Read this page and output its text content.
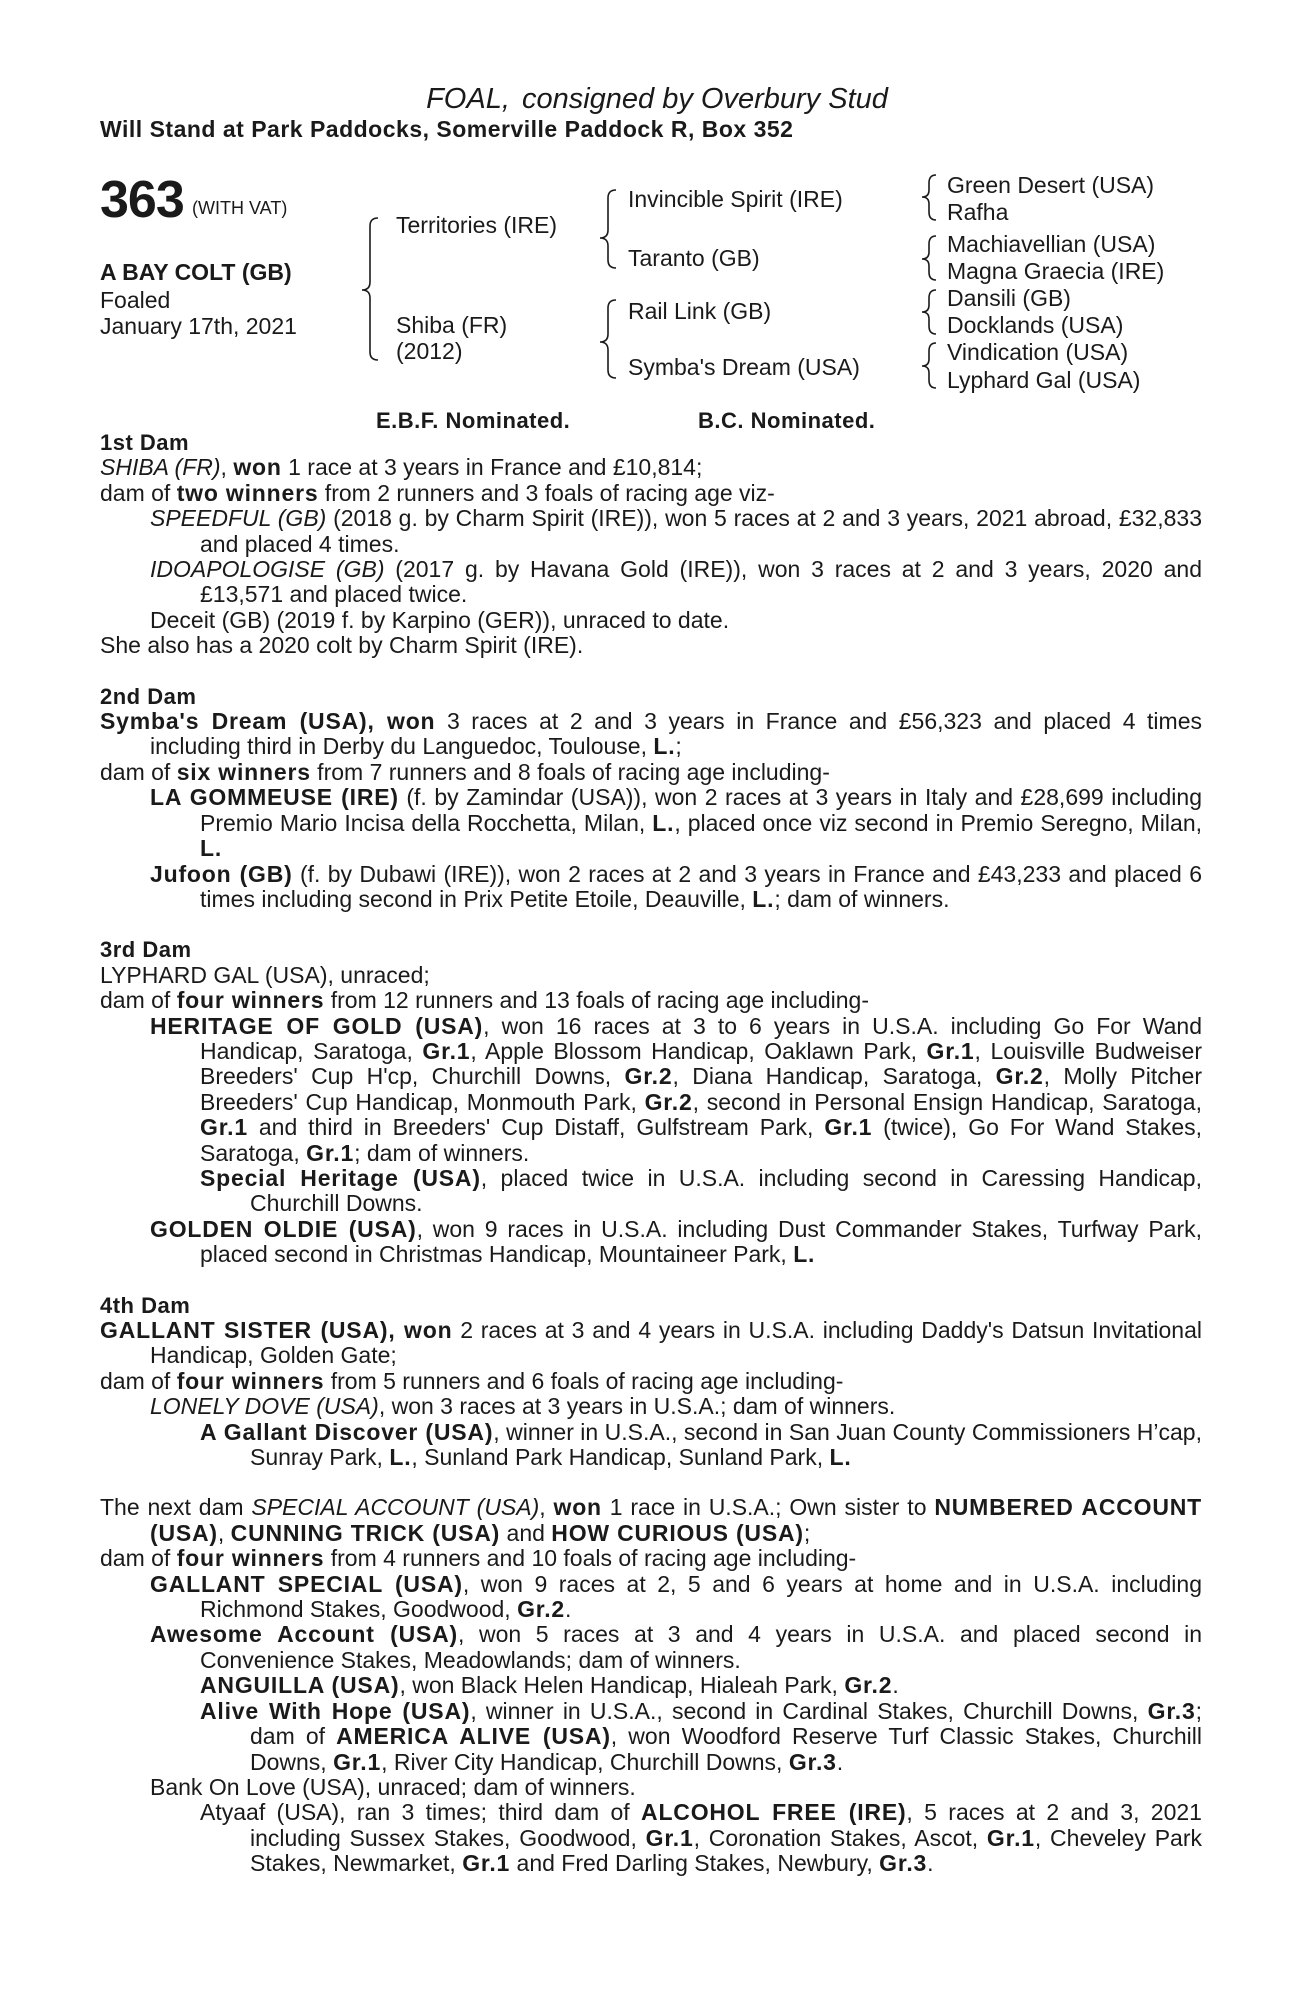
FOAL, consigned by Overbury Stud
Will Stand at Park Paddocks, Somerville Paddock R, Box 352
363 (WITH VAT)
A BAY COLT (GB)
Foaled
January 17th, 2021
Territories (IRE)
Shiba (FR)
(2012)
Invincible Spirit (IRE)
Taranto (GB)
Rail Link (GB)
Symba's Dream (USA)
Green Desert (USA)
Rafha
Machiavellian (USA)
Magna Graecia (IRE)
Dansili (GB)
Docklands (USA)
Vindication (USA)
Lyphard Gal (USA)
E.B.F. Nominated.	B.C. Nominated.

1st Dam

SHIBA (FR), won 1 race at 3 years in France and £10,814;

dam of two winners from 2 runners and 3 foals of racing age viz-

SPEEDFUL (GB) (2018 g. by Charm Spirit (IRE)), won 5 races at 2 and 3 years, 2021 abroad, £32,833 and placed 4 times.

IDOAPOLOGISE (GB) (2017 g. by Havana Gold (IRE)), won 3 races at 2 and 3 years, 2020 and £13,571 and placed twice.

Deceit (GB) (2019 f. by Karpino (GER)), unraced to date.

She also has a 2020 colt by Charm Spirit (IRE).

2nd Dam

Symba's Dream (USA), won 3 races at 2 and 3 years in France and £56,323 and placed 4 times including third in Derby du Languedoc, Toulouse, L.;

dam of six winners from 7 runners and 8 foals of racing age including-

LA GOMMEUSE (IRE) (f. by Zamindar (USA)), won 2 races at 3 years in Italy and £28,699 including Premio Mario Incisa della Rocchetta, Milan, L., placed once viz second in Premio Seregno, Milan, L.

Jufoon (GB) (f. by Dubawi (IRE)), won 2 races at 2 and 3 years in France and £43,233 and placed 6 times including second in Prix Petite Etoile, Deauville, L.; dam of winners.

3rd Dam

LYPHARD GAL (USA), unraced;

dam of four winners from 12 runners and 13 foals of racing age including-

HERITAGE OF GOLD (USA), won 16 races at 3 to 6 years in U.S.A. including Go For Wand Handicap, Saratoga, Gr.1, Apple Blossom Handicap, Oaklawn Park, Gr.1, Louisville Budweiser Breeders' Cup H'cp, Churchill Downs, Gr.2, Diana Handicap, Saratoga, Gr.2, Molly Pitcher Breeders' Cup Handicap, Monmouth Park, Gr.2, second in Personal Ensign Handicap, Saratoga, Gr.1 and third in Breeders' Cup Distaff, Gulfstream Park, Gr.1 (twice), Go For Wand Stakes, Saratoga, Gr.1; dam of winners.

Special Heritage (USA), placed twice in U.S.A. including second in Caressing Handicap, Churchill Downs.

GOLDEN OLDIE (USA), won 9 races in U.S.A. including Dust Commander Stakes, Turfway Park, placed second in Christmas Handicap, Mountaineer Park, L.

4th Dam

GALLANT SISTER (USA), won 2 races at 3 and 4 years in U.S.A. including Daddy's Datsun Invitational Handicap, Golden Gate;

dam of four winners from 5 runners and 6 foals of racing age including-

LONELY DOVE (USA), won 3 races at 3 years in U.S.A.; dam of winners.

A Gallant Discover (USA), winner in U.S.A., second in San Juan County Commissioners H’cap, Sunray Park, L., Sunland Park Handicap, Sunland Park, L.

The next dam SPECIAL ACCOUNT (USA), won 1 race in U.S.A.; Own sister to NUMBERED ACCOUNT (USA), CUNNING TRICK (USA) and HOW CURIOUS (USA);

dam of four winners from 4 runners and 10 foals of racing age including-

GALLANT SPECIAL (USA), won 9 races at 2, 5 and 6 years at home and in U.S.A. including Richmond Stakes, Goodwood, Gr.2.

Awesome Account (USA), won 5 races at 3 and 4 years in U.S.A. and placed second in Convenience Stakes, Meadowlands; dam of winners.

ANGUILLA (USA), won Black Helen Handicap, Hialeah Park, Gr.2.

Alive With Hope (USA), winner in U.S.A., second in Cardinal Stakes, Churchill Downs, Gr.3; dam of AMERICA ALIVE (USA), won Woodford Reserve Turf Classic Stakes, Churchill Downs, Gr.1, River City Handicap, Churchill Downs, Gr.3.

Bank On Love (USA), unraced; dam of winners.

Atyaaf (USA), ran 3 times; third dam of ALCOHOL FREE (IRE), 5 races at 2 and 3, 2021 including Sussex Stakes, Goodwood, Gr.1, Coronation Stakes, Ascot, Gr.1, Cheveley Park Stakes, Newmarket, Gr.1 and Fred Darling Stakes, Newbury, Gr.3.
